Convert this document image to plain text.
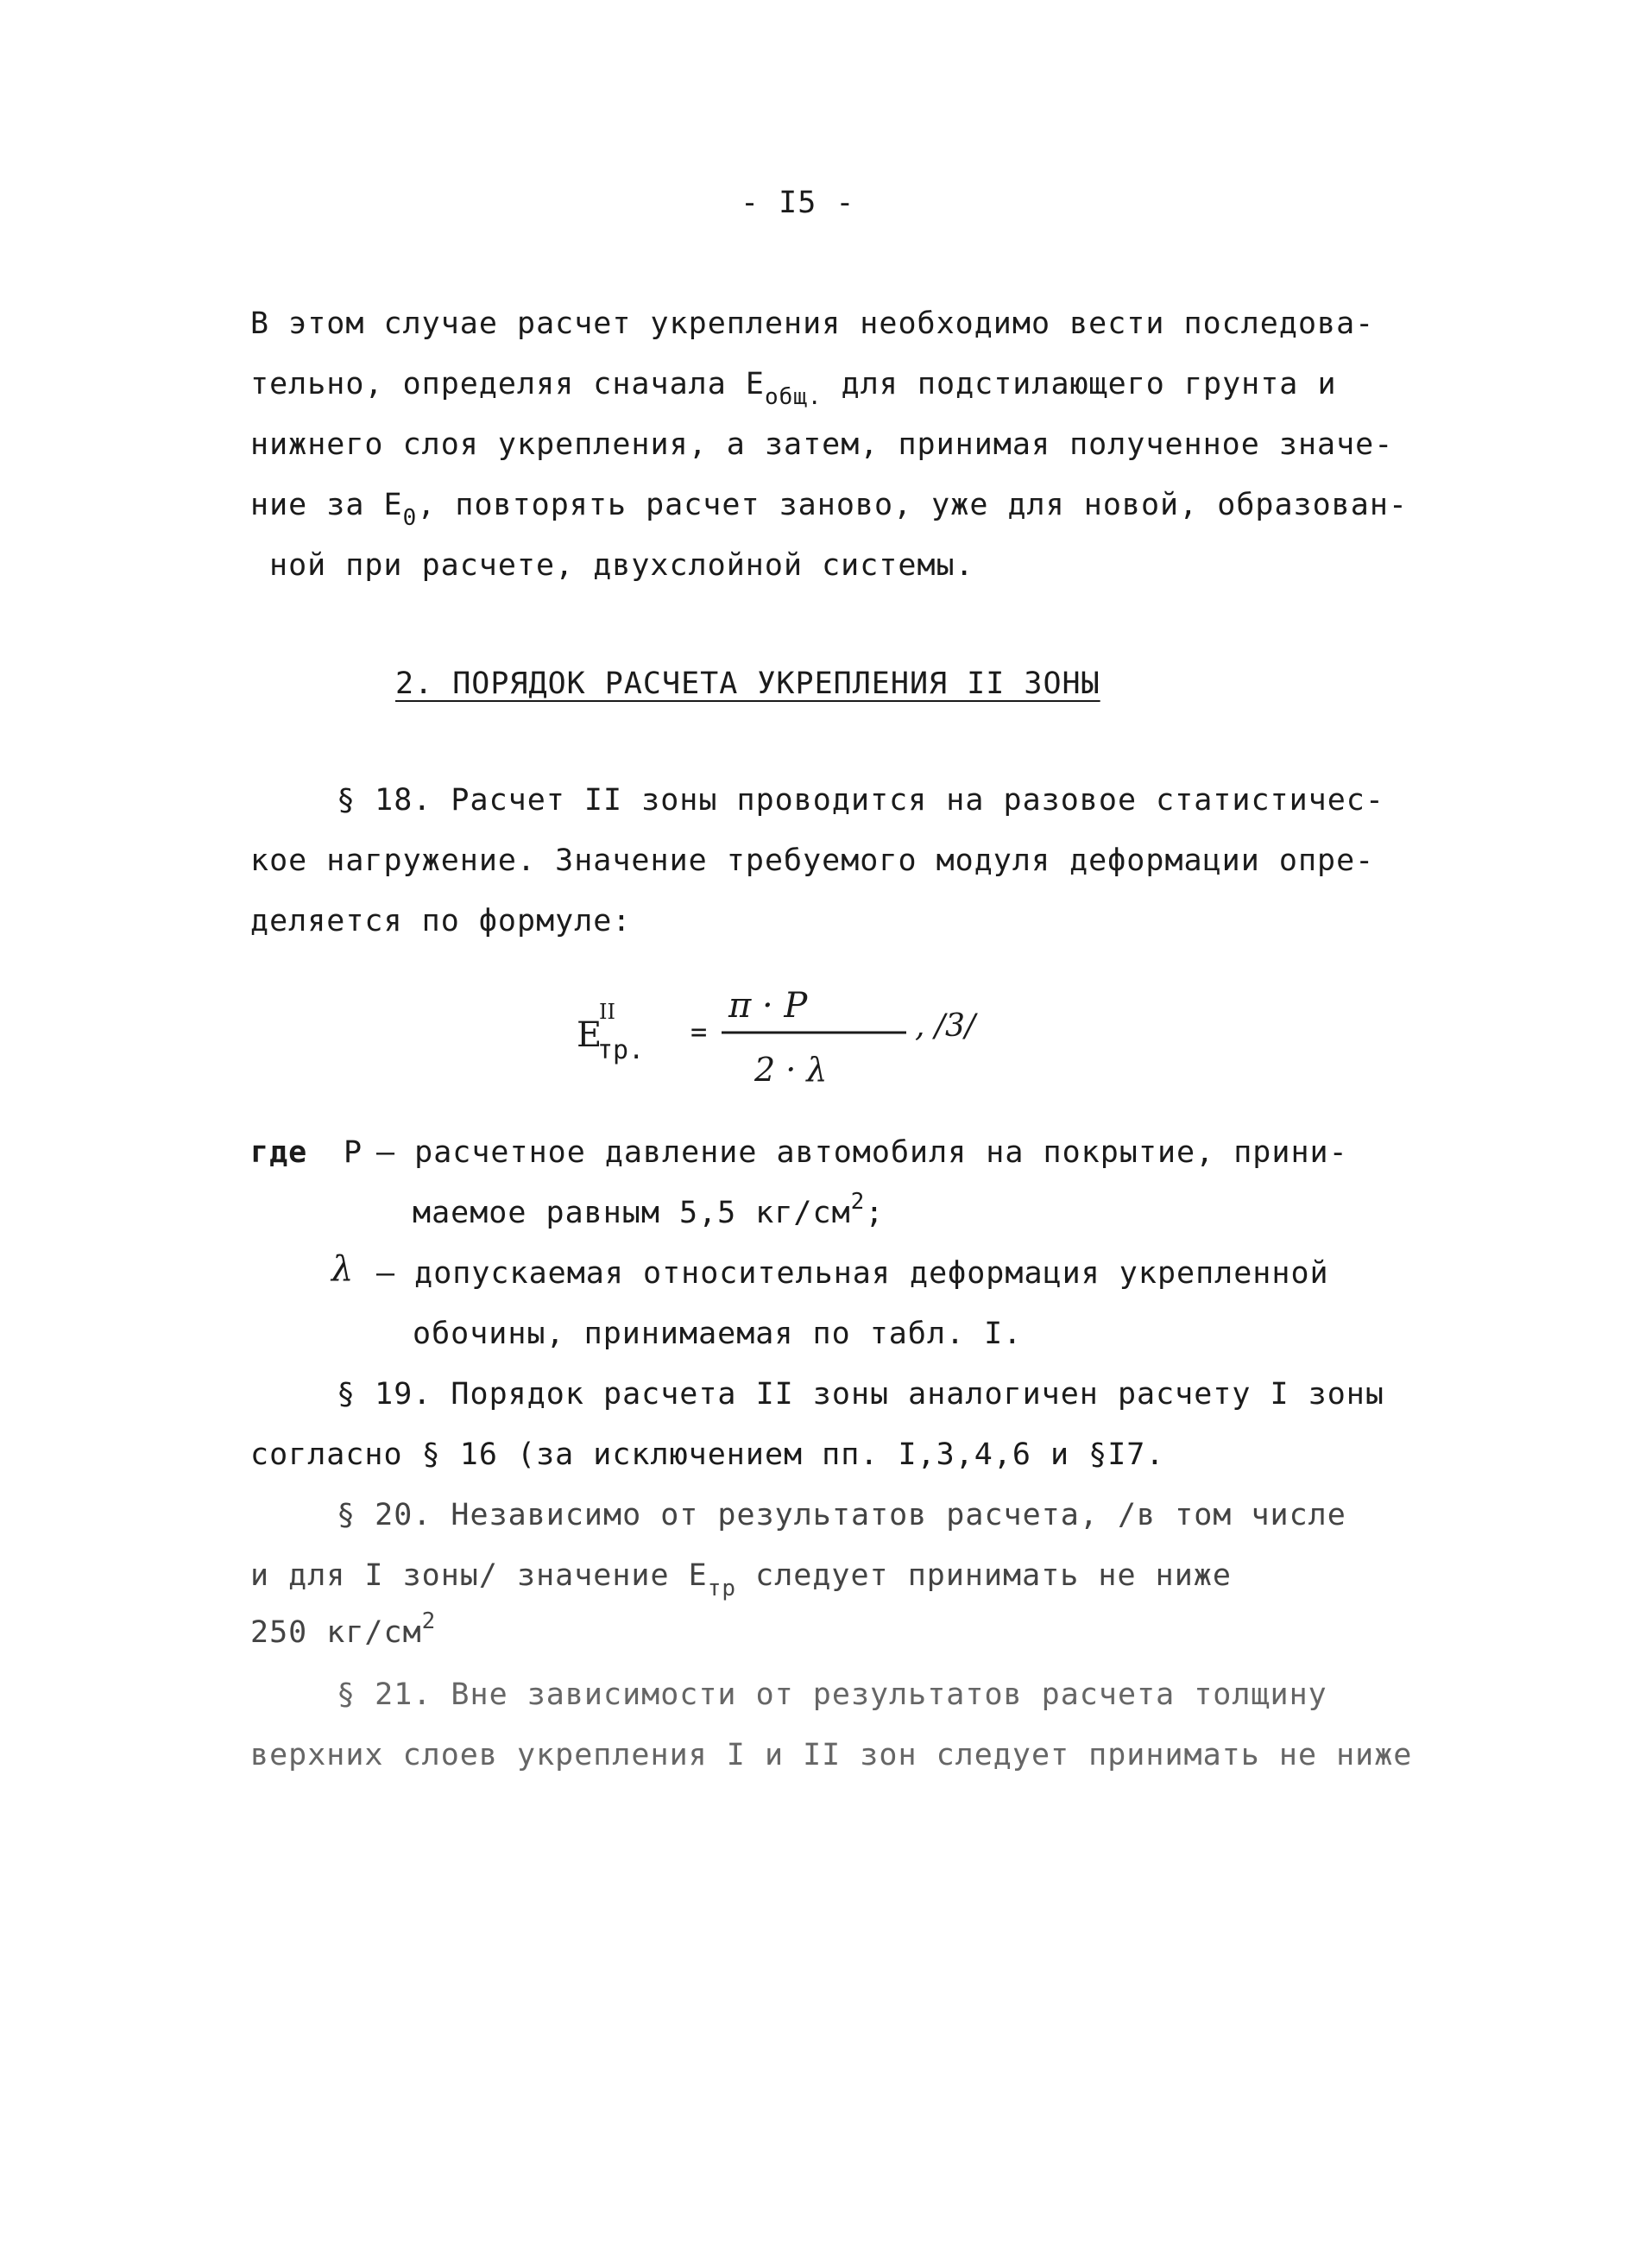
- I5 -
В этом случае расчет укрепления необходимо вести последова-
тельно, определяя сначала $Е_{общ.}$ для подстилающего грунта и
нижнего слоя укрепления, а затем, принимая полученное значе-
ние за $Е_0$, повторять расчет заново, уже для новой, образован-
ной при расчете, двухслойной системы.
2. ПОРЯДОК РАСЧЕТА УКРЕПЛЕНИЯ II ЗОНЫ
§ 18. Расчет II зоны проводится на разовое статистичес-
кое нагружение. Значение требуемого модуля деформации опре-
деляется по формуле:
Е
II
тр.
=
π · P
2 · λ
, /3/
где Р – расчетное давление автомобиля на покрытие, прини-
маемое равным 5,5 $кг/см^2$;
λ – допускаемая относительная деформация укрепленной
обочины, принимаемая по табл. I.
§ 19. Порядок расчета II зоны аналогичен расчету I зоны
согласно § 16 (за исключением пп. I,3,4,6 и §I7.
§ 20. Независимо от результатов расчета, /в том числе
и для I зоны/ значение $Е_{тр}$ следует принимать не ниже
250 $кг/см^2$
§ 21. Вне зависимости от результатов расчета толщину
верхних слоев укрепления I и II зон следует принимать не ниже
